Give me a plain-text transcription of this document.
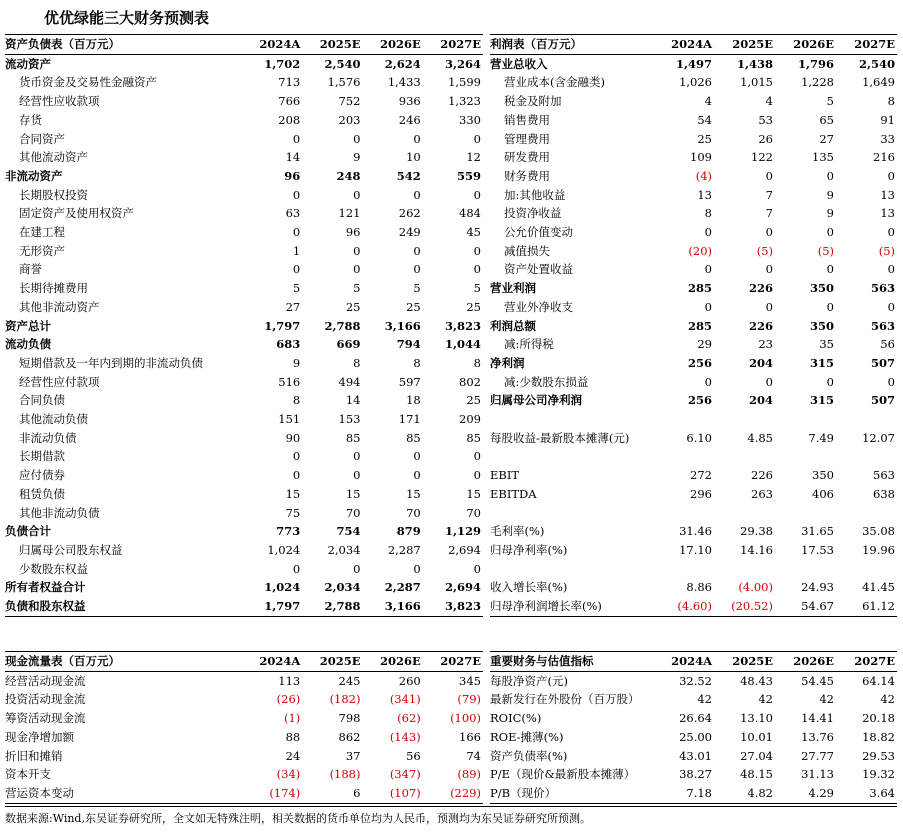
优优绿能三大财务预测表
资产负债表（百万元）	2024A	2025E	2026E	2027E
流动资产	1,702	2,540	2,624	3,264
货币资金及交易性金融资产	713	1,576	1,433	1,599
经营性应收款项	766	752	936	1,323
存货	208	203	246	330
合同资产	0	0	0	0
其他流动资产	14	9	10	12
非流动资产	96	248	542	559
长期股权投资	0	0	0	0
固定资产及使用权资产	63	121	262	484
在建工程	0	96	249	45
无形资产	1	0	0	0
商誉	0	0	0	0
长期待摊费用	5	5	5	5
其他非流动资产	27	25	25	25
资产总计	1,797	2,788	3,166	3,823
流动负债	683	669	794	1,044
短期借款及一年内到期的非流动负债	9	8	8	8
经营性应付款项	516	494	597	802
合同负债	8	14	18	25
其他流动负债	151	153	171	209
非流动负债	90	85	85	85
长期借款	0	0	0	0
应付债券	0	0	0	0
租赁负债	15	15	15	15
其他非流动负债	75	70	70	70
负债合计	773	754	879	1,129
归属母公司股东权益	1,024	2,034	2,287	2,694
少数股东权益	0	0	0	0
所有者权益合计	1,024	2,034	2,287	2,694
负债和股东权益	1,797	2,788	3,166	3,823
利润表（百万元）	2024A	2025E	2026E	2027E
营业总收入	1,497	1,438	1,796	2,540
营业成本(含金融类)	1,026	1,015	1,228	1,649
税金及附加	4	4	5	8
销售费用	54	53	65	91
管理费用	25	26	27	33
研发费用	109	122	135	216
财务费用	(4)	0	0	0
加:其他收益	13	7	9	13
投资净收益	8	7	9	13
公允价值变动	0	0	0	0
减值损失	(20)	(5)	(5)	(5)
资产处置收益	0	0	0	0
营业利润	285	226	350	563
营业外净收支	0	0	0	0
利润总额	285	226	350	563
减:所得税	29	23	35	56
净利润	256	204	315	507
减:少数股东损益	0	0	0	0
归属母公司净利润	256	204	315	507

每股收益-最新股本摊薄(元)	6.10	4.85	7.49	12.07

EBIT	272	226	350	563
EBITDA	296	263	406	638

毛利率(%)	31.46	29.38	31.65	35.08
归母净利率(%)	17.10	14.16	17.53	19.96

收入增长率(%)	8.86	(4.00)	24.93	41.45
归母净利润增长率(%)	(4.60)	(20.52)	54.67	61.12
现金流量表（百万元）	2024A	2025E	2026E	2027E
经营活动现金流	113	245	260	345
投资活动现金流	(26)	(182)	(341)	(79)
筹资活动现金流	(1)	798	(62)	(100)
现金净增加额	88	862	(143)	166
折旧和摊销	24	37	56	74
资本开支	(34)	(188)	(347)	(89)
营运资本变动	(174)	6	(107)	(229)
重要财务与估值指标	2024A	2025E	2026E	2027E
每股净资产(元)	32.52	48.43	54.45	64.14
最新发行在外股份（百万股）	42	42	42	42
ROIC(%)	26.64	13.10	14.41	20.18
ROE-摊薄(%)	25.00	10.01	13.76	18.82
资产负债率(%)	43.01	27.04	27.77	29.53
P/E（现价&最新股本摊薄）	38.27	48.15	31.13	19.32
P/B（现价）	7.18	4.82	4.29	3.64
数据来源:Wind,东吴证券研究所，全文如无特殊注明，相关数据的货币单位均为人民币，预测均为东吴证券研究所预测。
